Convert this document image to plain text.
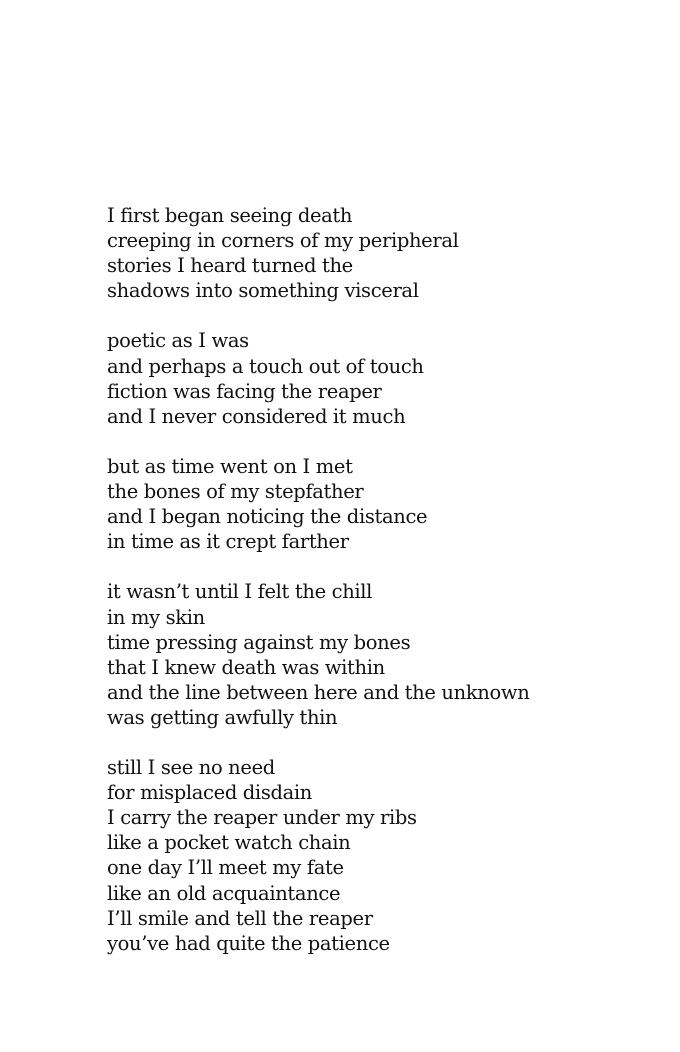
I first began seeing death
creeping in corners of my peripheral
stories I heard turned the
shadows into something visceral
poetic as I was
and perhaps a touch out of touch
fiction was facing the reaper
and I never considered it much
but as time went on I met
the bones of my stepfather
and I began noticing the distance
in time as it crept farther
it wasn’t until I felt the chill
in my skin
time pressing against my bones
that I knew death was within
and the line between here and the unknown
was getting awfully thin
still I see no need
for misplaced disdain
I carry the reaper under my ribs
like a pocket watch chain
one day I’ll meet my fate
like an old acquaintance
I’ll smile and tell the reaper
you’ve had quite the patience
